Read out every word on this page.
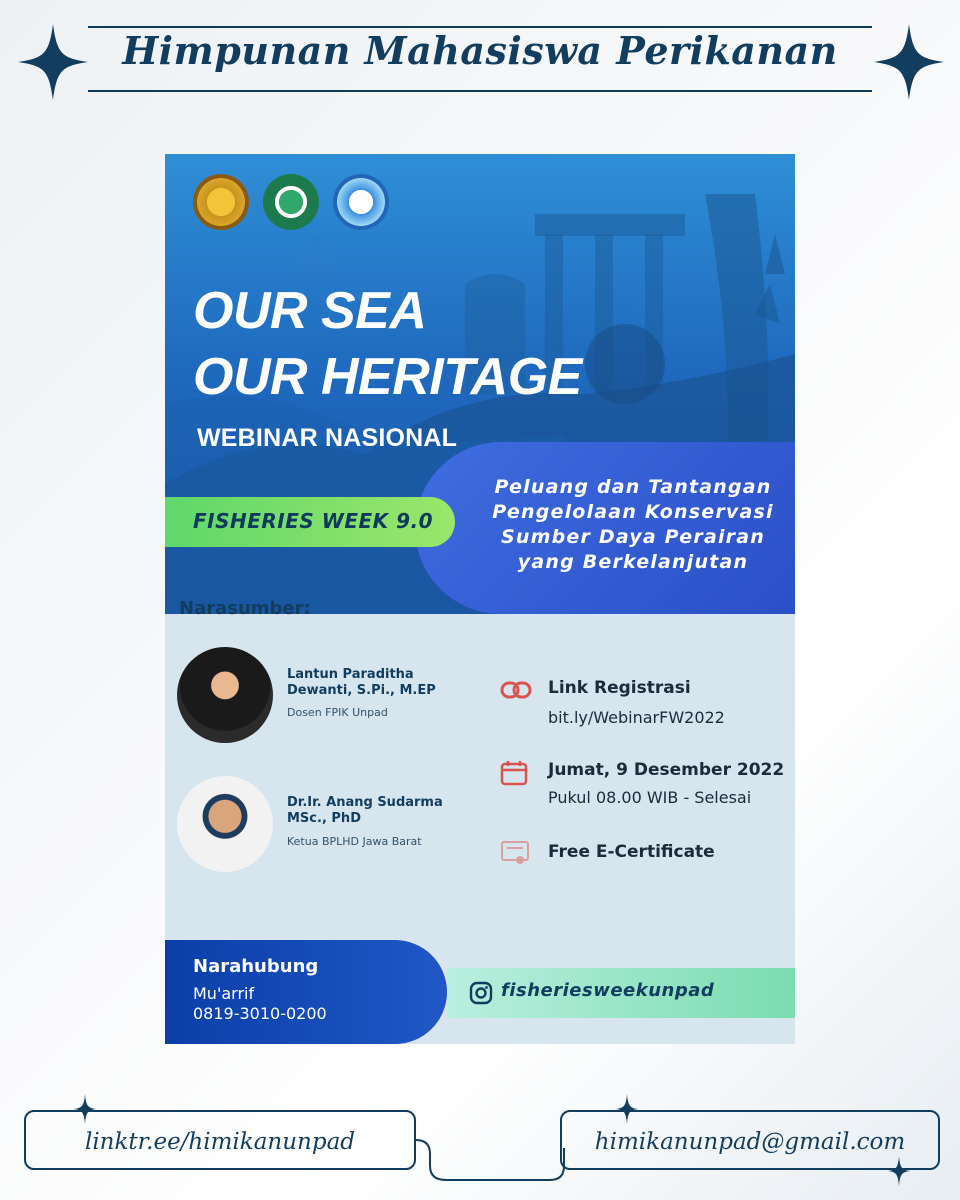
Himpunan Mahasiswa Perikanan
OUR SEA
OUR HERITAGE
WEBINAR NASIONAL
Peluang dan Tantangan
Pengelolaan Konservasi
Sumber Daya Perairan
yang Berkelanjutan
FISHERIES WEEK 9.0
Narasumber:
Lantun Paraditha
Dewanti, S.Pi., M.EP
Dosen FPIK Unpad
Dr.Ir. Anang Sudarma
MSc., PhD
Ketua BPLHD Jawa Barat
Link Registrasi
bit.ly/WebinarFW2022
Jumat, 9 Desember 2022
Pukul 08.00 WIB - Selesai
Free E-Certificate
Narahubung
Mu'arrif
0819-3010-0200
fisheriesweekunpad
linktr.ee/himikanunpad	himikanunpad@gmail.com
